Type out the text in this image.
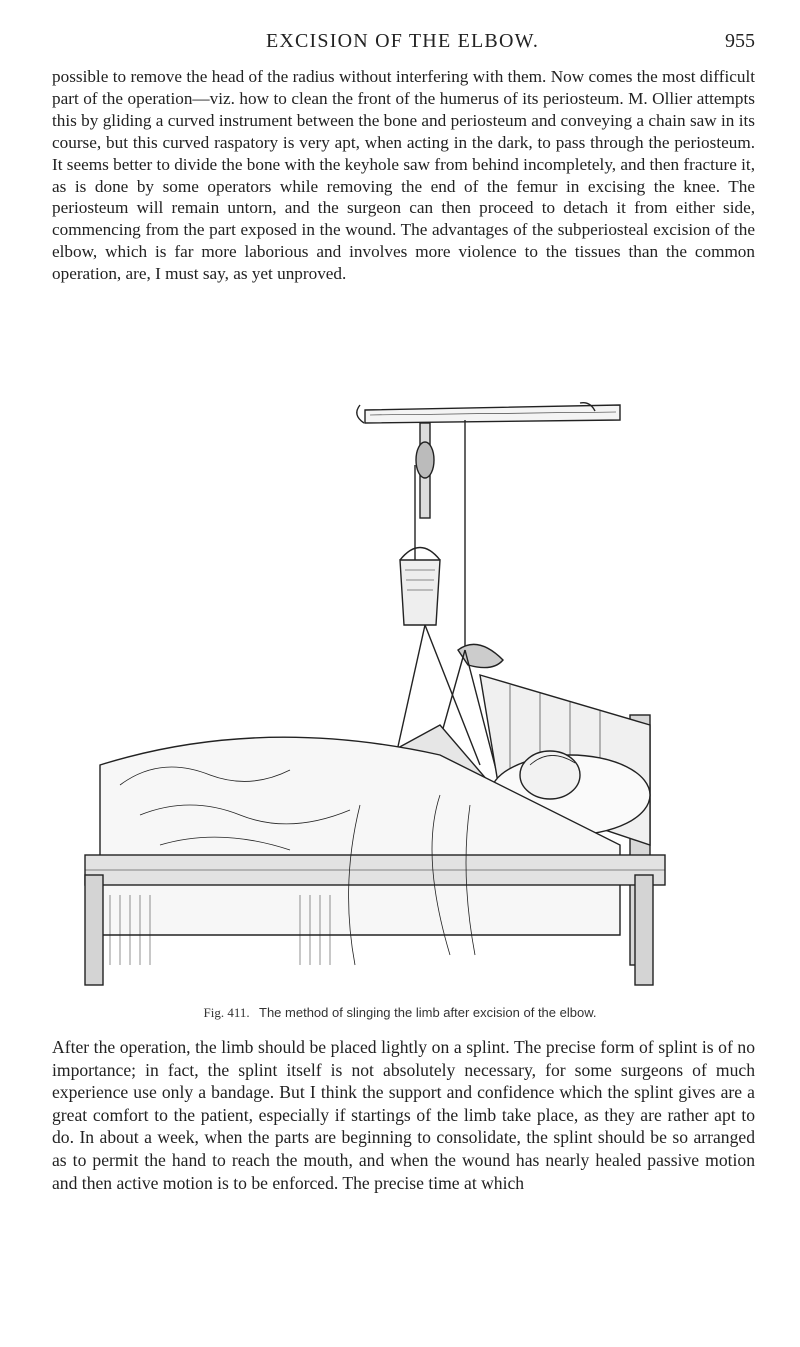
EXCISION OF THE ELBOW.	955

possible to remove the head of the radius without interfering with them. Now comes the most difficult part of the operation—viz. how to clean the front of the humerus of its periosteum. M. Ollier attempts this by gliding a curved instrument between the bone and periosteum and conveying a chain saw in its course, but this curved raspatory is very apt, when acting in the dark, to pass through the periosteum. It seems better to divide the bone with the keyhole saw from behind incompletely, and then fracture it, as is done by some operators while removing the end of the femur in excising the knee. The periosteum will remain untorn, and the surgeon can then proceed to detach it from either side, commencing from the part exposed in the wound. The advantages of the subperiosteal excision of the elbow, which is far more laborious and involves more violence to the tissues than the common operation, are, I must say, as yet unproved.

Fig. 411. The method of slinging the limb after excision of the elbow.

After the operation, the limb should be placed lightly on a splint. The precise form of splint is of no importance; in fact, the splint itself is not absolutely necessary, for some surgeons of much experience use only a bandage. But I think the support and confidence which the splint gives are a great comfort to the patient, especially if startings of the limb take place, as they are rather apt to do. In about a week, when the parts are beginning to consolidate, the splint should be so arranged as to permit the hand to reach the mouth, and when the wound has nearly healed passive motion and then active motion is to be enforced. The precise time at which
